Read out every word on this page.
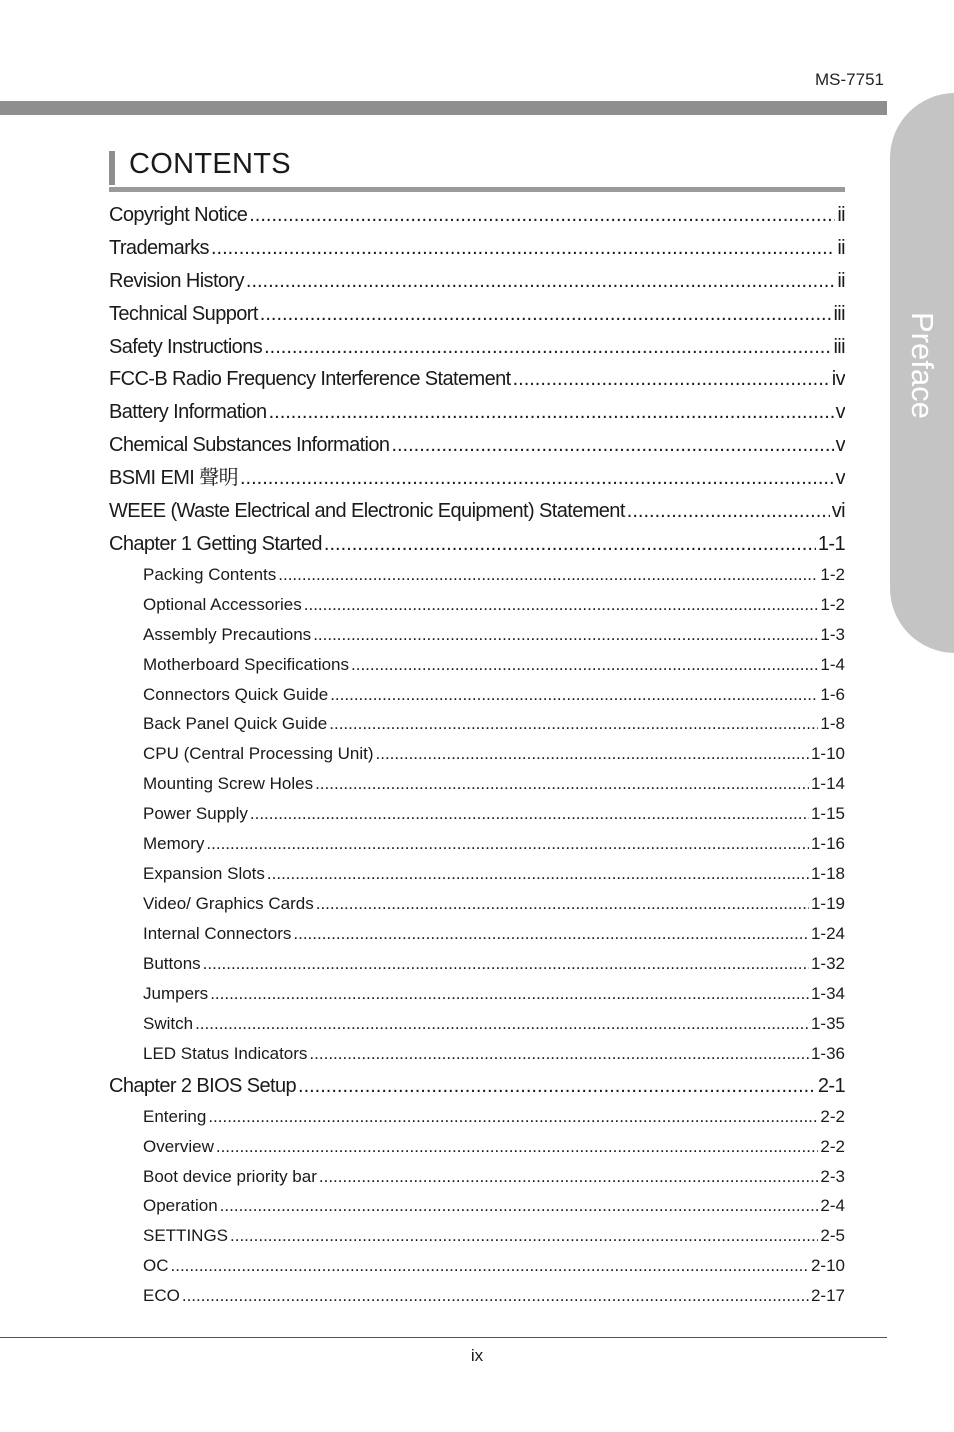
MS-7751
Preface
CONTENTS
Copyright Notice .....	ii
Trademarks .....	ii
Revision History .....	ii
Technical Support .....	iii
Safety Instructions .....	iii
FCC-B Radio Frequency Interference Statement .....	iv
Battery Information .....	v
Chemical Substances Information .....	v
BSMI EMI 聲明 .....	v
WEEE (Waste Electrical and Electronic Equipment) Statement .....	vi
Chapter 1 Getting Started .....	1-1
Packing Contents .....	1-2
Optional Accessories .....	1-2
Assembly Precautions .....	1-3
Motherboard Specifications .....	1-4
Connectors Quick Guide .....	1-6
Back Panel Quick Guide .....	1-8
CPU (Central Processing Unit) .....	1-10
Mounting Screw Holes .....	1-14
Power Supply .....	1-15
Memory .....	1-16
Expansion Slots .....	1-18
Video/ Graphics Cards .....	1-19
Internal Connectors .....	1-24
Buttons .....	1-32
Jumpers .....	1-34
Switch .....	1-35
LED Status Indicators .....	1-36
Chapter 2 BIOS Setup .....	2-1
Entering .....	2-2
Overview .....	2-2
Boot device priority bar .....	2-3
Operation .....	2-4
SETTINGS .....	2-5
OC .....	2-10
ECO .....	2-17
ix
